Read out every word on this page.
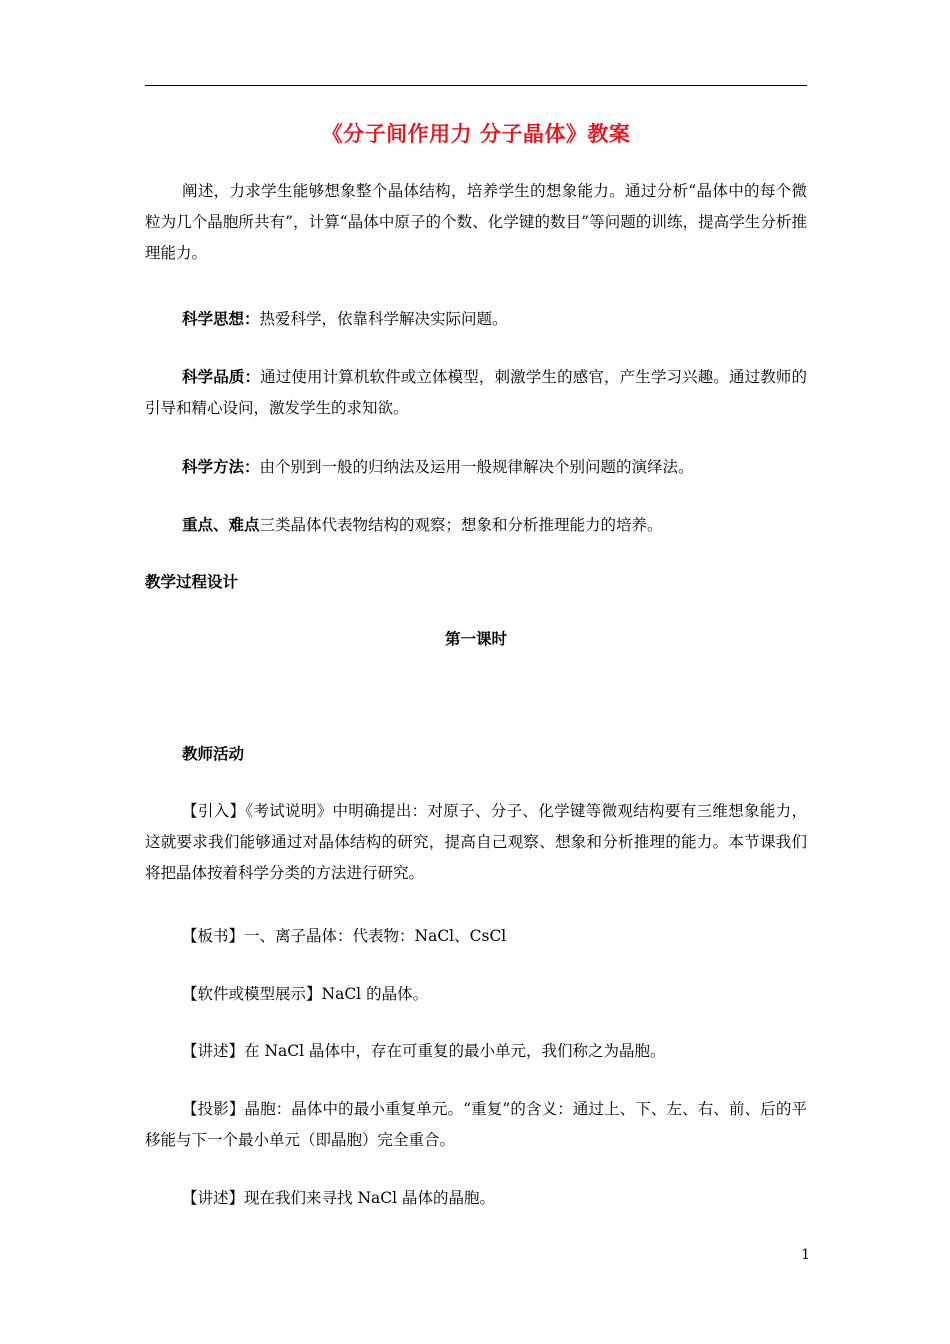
《分子间作用力 分子晶体》教案
阐述，力求学生能够想象整个晶体结构，培养学生的想象能力。通过分析“晶体中的每个微粒为几个晶胞所共有”，计算“晶体中原子的个数、化学键的数目”等问题的训练，提高学生分析推理能力。
科学思想：热爱科学，依靠科学解决实际问题。
科学品质：通过使用计算机软件或立体模型，刺激学生的感官，产生学习兴趣。通过教师的引导和精心设问，激发学生的求知欲。
科学方法：由个别到一般的归纳法及运用一般规律解决个别问题的演绎法。
重点、难点三类晶体代表物结构的观察；想象和分析推理能力的培养。
教学过程设计
第一课时
教师活动
【引入】《考试说明》中明确提出：对原子、分子、化学键等微观结构要有三维想象能力，这就要求我们能够通过对晶体结构的研究，提高自己观察、想象和分析推理的能力。本节课我们将把晶体按着科学分类的方法进行研究。
【板书】一、离子晶体：代表物：NaCl、CsCl
【软件或模型展示】NaCl 的晶体。
【讲述】在 NaCl 晶体中，存在可重复的最小单元，我们称之为晶胞。
【投影】晶胞：晶体中的最小重复单元。“重复”的含义：通过上、下、左、右、前、后的平移能与下一个最小单元（即晶胞）完全重合。
【讲述】现在我们来寻找 NaCl 晶体的晶胞。
1
